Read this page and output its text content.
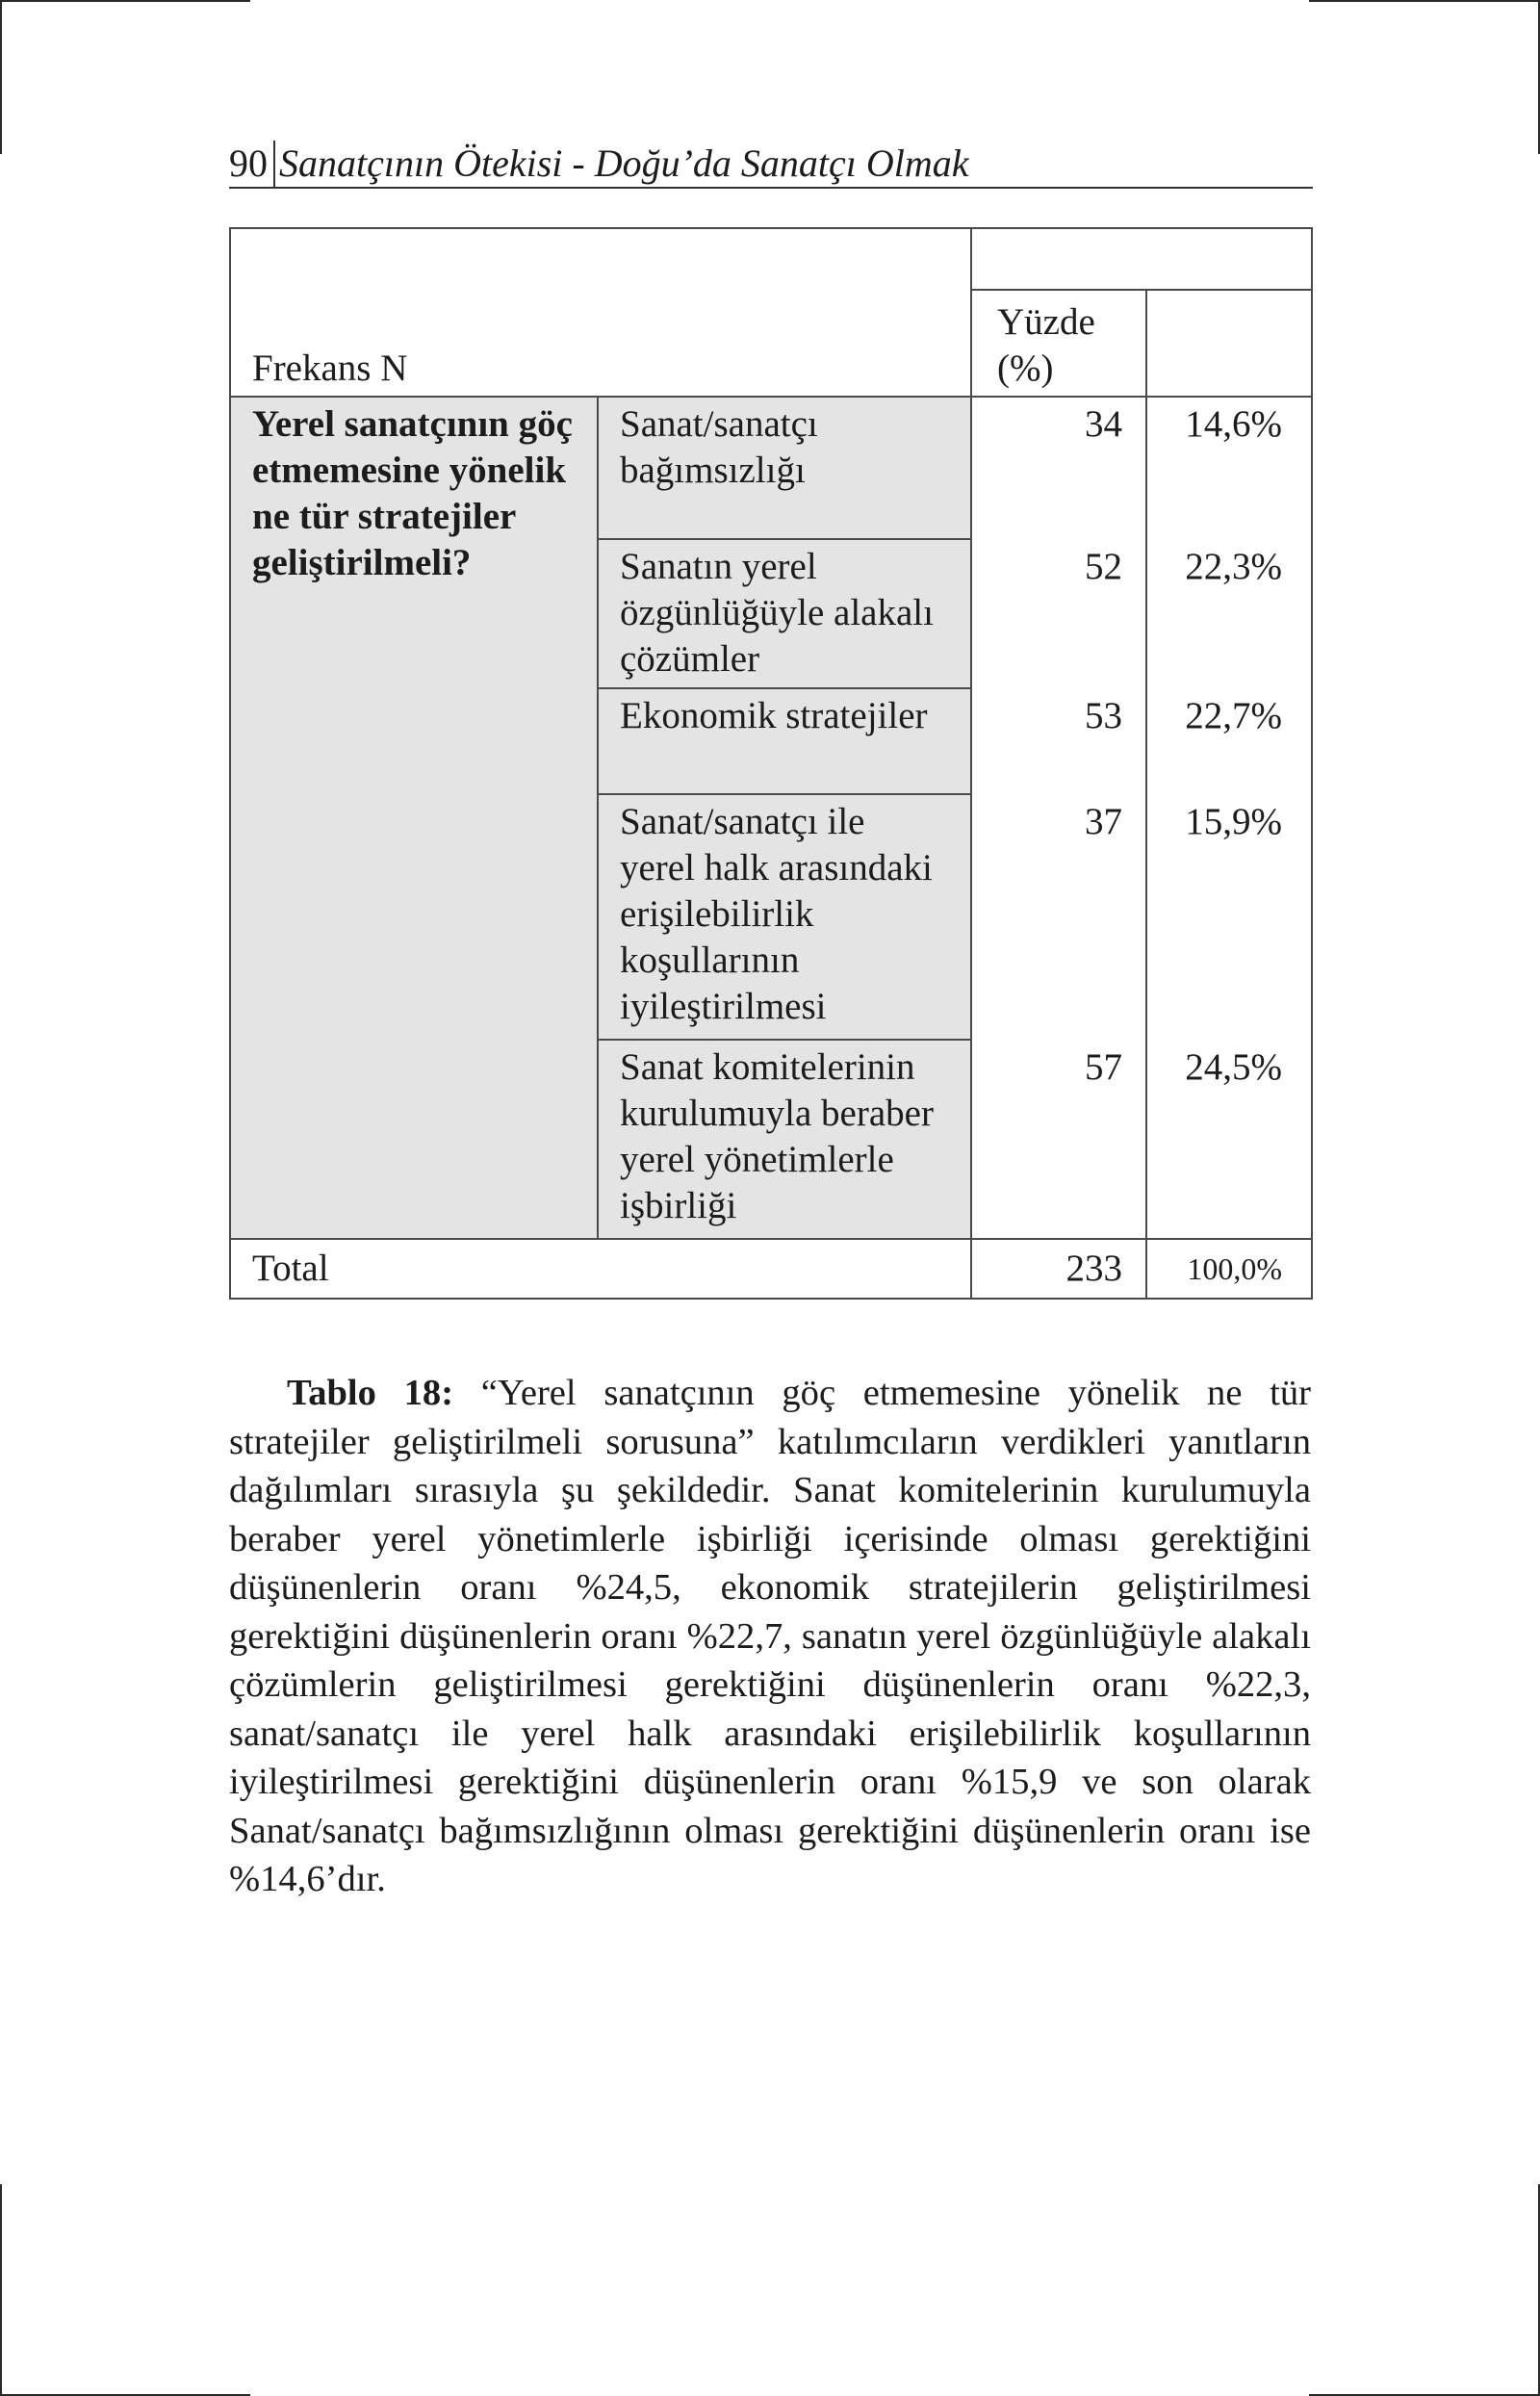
90 Sanatçının Ötekisi - Doğu’da Sanatçı Olmak
Frekans N			
		Yüzde (%)	
Yerel sanatçının göç etmemesine yönelik ne tür stratejiler geliştirilmeli?	Sanat/sanatçı bağımsızlığı	34	14,6%
	Sanatın yerel özgünlüğüyle alakalı çözümler	52	22,3%
	Ekonomik stratejiler	53	22,7%
	Sanat/sanatçı ile yerel halk arasındaki erişilebilirlik koşullarının iyileştirilmesi	37	15,9%
	Sanat komitelerinin kurulumuyla beraber yerel yönetimlerle işbirliği	57	24,5%
Total		233	100,0%

Tablo 18: “Yerel sanatçının göç etmemesine yönelik ne tür stratejiler geliştirilmeli sorusuna” katılımcıların verdikleri yanıtların dağılımları sırasıyla şu şekildedir. Sanat komitelerinin kurulumuyla beraber yerel yönetimlerle işbirliği içerisinde olması gerektiğini düşünenlerin oranı %24,5, ekonomik stratejilerin geliştirilmesi gerektiğini düşünenlerin oranı %22,7, sanatın yerel özgünlüğüyle alakalı çözümlerin geliştirilmesi gerektiğini düşünenlerin oranı %22,3, sanat/sanatçı ile yerel halk arasındaki erişilebilirlik koşullarının iyileştirilmesi gerektiğini düşünenlerin oranı %15,9 ve son olarak Sanat/sanatçı bağımsızlığının olması gerektiğini düşünenlerin oranı ise %14,6’dır.
